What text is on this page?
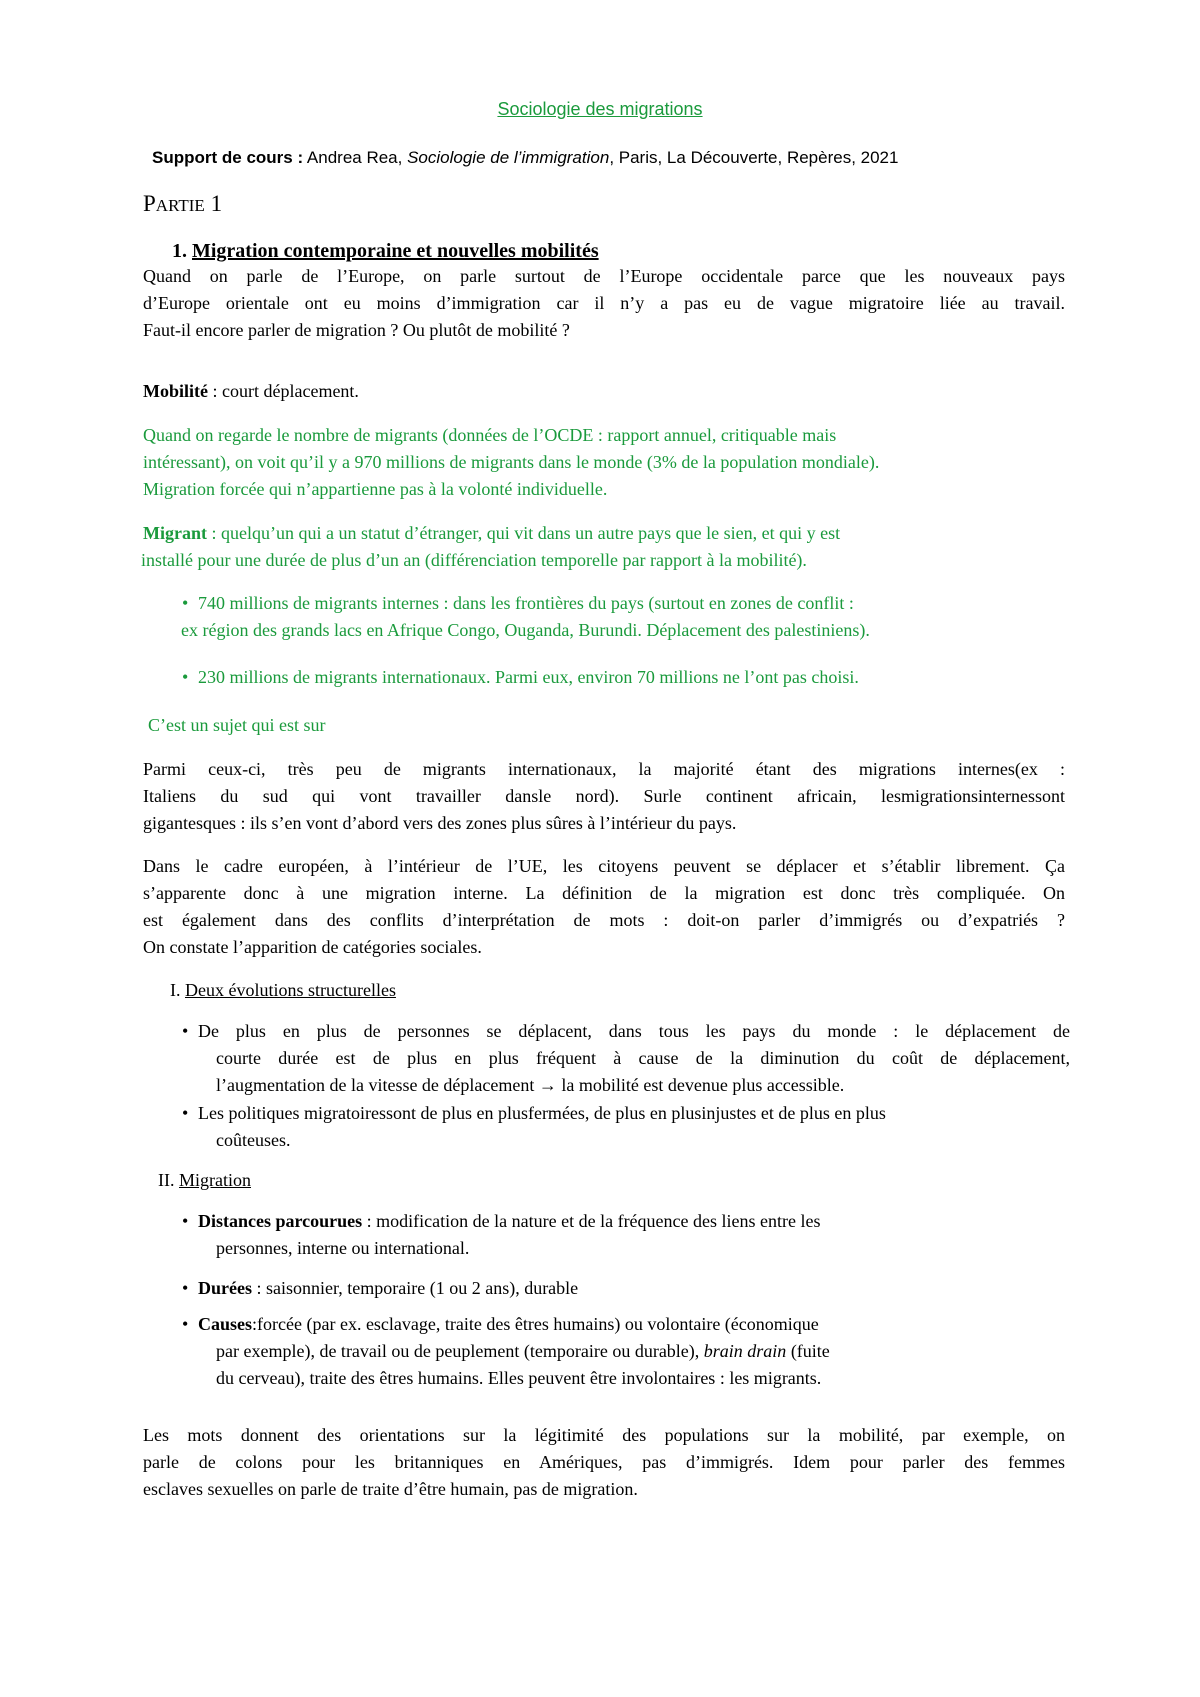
Sociologie des migrations
Support de cours : Andrea Rea, Sociologie de l’immigration, Paris, La Découverte, Repères, 2021
PARTIE 1
1. Migration contemporaine et nouvelles mobilités
Quand on parle de l’Europe, on parle surtout de l’Europe occidentale parce que les nouveaux pays
d’Europe orientale ont eu moins d’immigration car il n’y a pas eu de vague migratoire liée au travail.
Faut-il encore parler de migration ? Ou plutôt de mobilité ?
Mobilité : court déplacement.
Quand on regarde le nombre de migrants (données de l’OCDE : rapport annuel, critiquable mais
intéressant), on voit qu’il y a 970 millions de migrants dans le monde (3% de la population mondiale).
Migration forcée qui n’appartienne pas à la volonté individuelle.
Migrant : quelqu’un qui a un statut d’étranger, qui vit dans un autre pays que le sien, et qui y est
installé pour une durée de plus d’un an (différenciation temporelle par rapport à la mobilité).
• 740 millions de migrants internes : dans les frontières du pays (surtout en zones de conflit :
ex région des grands lacs en Afrique Congo, Ouganda, Burundi. Déplacement des palestiniens).
• 230 millions de migrants internationaux. Parmi eux, environ 70 millions ne l’ont pas choisi.
C’est un sujet qui est sur
Parmi ceux-ci, très peu de migrants internationaux, la majorité étant des migrations internes(ex :
Italiens du sud qui vont travailler dansle nord). Surle continent africain, lesmigrationsinternessont
gigantesques : ils s’en vont d’abord vers des zones plus sûres à l’intérieur du pays.
Dans le cadre européen, à l’intérieur de l’UE, les citoyens peuvent se déplacer et s’établir librement. Ça
s’apparente donc à une migration interne. La définition de la migration est donc très compliquée. On
est également dans des conflits d’interprétation de mots : doit-on parler d’immigrés ou d’expatriés ?
On constate l’apparition de catégories sociales.
I. Deux évolutions structurelles
• De plus en plus de personnes se déplacent, dans tous les pays du monde : le déplacement de
courte durée est de plus en plus fréquent à cause de la diminution du coût de déplacement,
l’augmentation de la vitesse de déplacement → la mobilité est devenue plus accessible.
• Les politiques migratoiressont de plus en plusfermées, de plus en plusinjustes et de plus en plus
coûteuses.
II. Migration
• Distances parcourues : modification de la nature et de la fréquence des liens entre les
personnes, interne ou international.
• Durées : saisonnier, temporaire (1 ou 2 ans), durable
• Causes:forcée (par ex. esclavage, traite des êtres humains) ou volontaire (économique
par exemple), de travail ou de peuplement (temporaire ou durable), brain drain (fuite
du cerveau), traite des êtres humains. Elles peuvent être involontaires : les migrants.
Les mots donnent des orientations sur la légitimité des populations sur la mobilité, par exemple, on
parle de colons pour les britanniques en Amériques, pas d’immigrés. Idem pour parler des femmes
esclaves sexuelles on parle de traite d’être humain, pas de migration.
